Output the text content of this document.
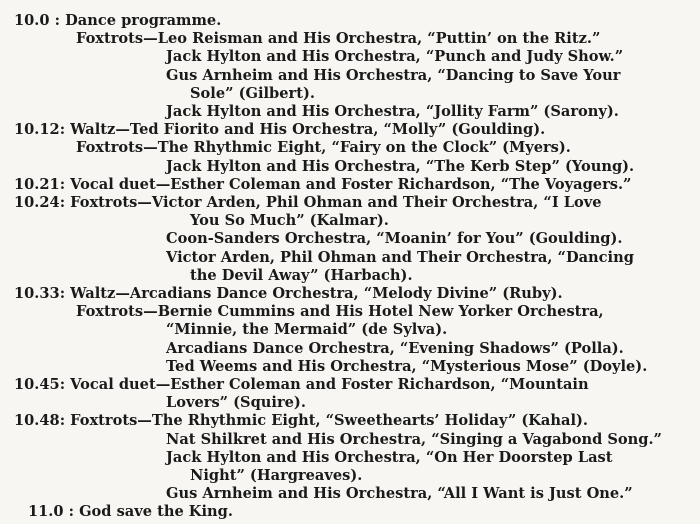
10.0 : Dance programme.
Foxtrots—Leo Reisman and His Orchestra, “Puttin’ on the Ritz.”
Jack Hylton and His Orchestra, “Punch and Judy Show.”
Gus Arnheim and His Orchestra, “Dancing to Save Your
Sole” (Gilbert).
Jack Hylton and His Orchestra, “Jollity Farm” (Sarony).
10.12: Waltz—Ted Fiorito and His Orchestra, “Molly” (Goulding).
Foxtrots—The Rhythmic Eight, “Fairy on the Clock” (Myers).
Jack Hylton and His Orchestra, “The Kerb Step” (Young).
10.21: Vocal duet—Esther Coleman and Foster Richardson, “The Voyagers.”
10.24: Foxtrots—Victor Arden, Phil Ohman and Their Orchestra, “I Love
You So Much” (Kalmar).
Coon-Sanders Orchestra, “Moanin’ for You” (Goulding).
Victor Arden, Phil Ohman and Their Orchestra, “Dancing
the Devil Away” (Harbach).
10.33: Waltz—Arcadians Dance Orchestra, “Melody Divine” (Ruby).
Foxtrots—Bernie Cummins and His Hotel New Yorker Orchestra,
“Minnie, the Mermaid” (de Sylva).
Arcadians Dance Orchestra, “Evening Shadows” (Polla).
Ted Weems and His Orchestra, “Mysterious Mose” (Doyle).
10.45: Vocal duet—Esther Coleman and Foster Richardson, “Mountain
Lovers” (Squire).
10.48: Foxtrots—The Rhythmic Eight, “Sweethearts’ Holiday” (Kahal).
Nat Shilkret and His Orchestra, “Singing a Vagabond Song.”
Jack Hylton and His Orchestra, “On Her Doorstep Last
Night” (Hargreaves).
Gus Arnheim and His Orchestra, “All I Want is Just One.”
11.0 : God save the King.
